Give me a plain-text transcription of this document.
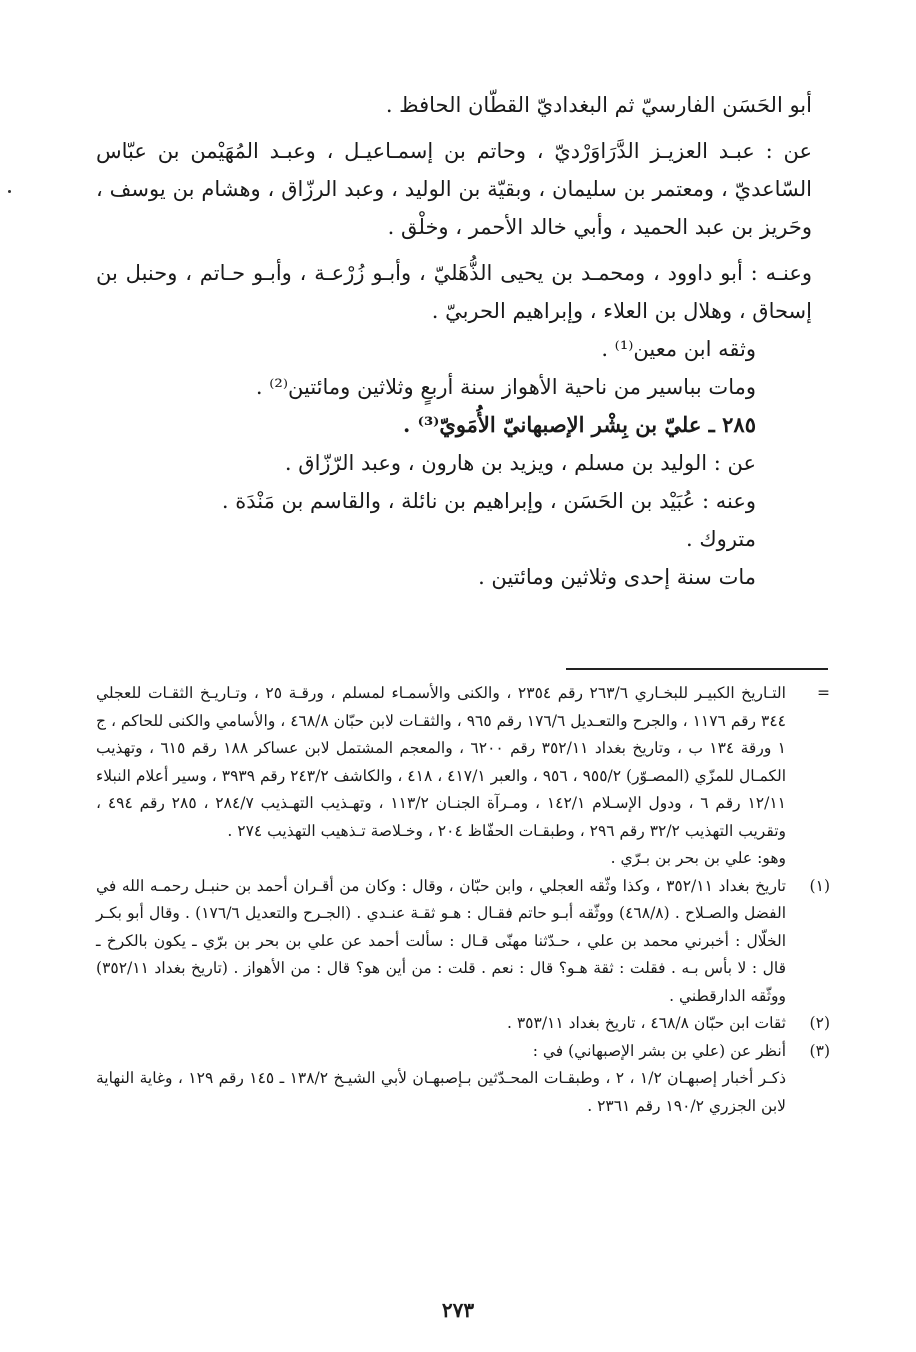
أبو الحَسَن الفارسيّ ثم البغداديّ القطّان الحافظ .

عن : عبـد العزيـز الدَّرَاوَرْديّ ، وحاتم بن إسمـاعيـل ، وعبـد المُهَيْمن بن عبّاس السّاعديّ ، ومعتمر بن سليمان ، وبقيّة بن الوليد ، وعبد الرزّاق ، وهشام بن يوسف ، وحَريز بن عبد الحميد ، وأبي خالد الأحمر ، وخلْق .

وعنـه : أبو داوود ، ومحمـد بن يحيى الذُّهَليّ ، وأبـو زُرْعـة ، وأبـو حـاتم ، وحنبل بن إسحاق ، وهلال بن العلاء ، وإبراهيم الحربيّ .

وثقه ابن معين⁽¹⁾ .

ومات بباسير من ناحية الأهواز سنة أربعٍ وثلاثين ومائتين⁽²⁾ .

٢٨٥ ـ عليّ بن بِشْر الإصبهانيّ الأُمَويّ⁽³⁾ .

عن : الوليد بن مسلم ، ويزيد بن هارون ، وعبد الرّزّاق .

وعنه : عُبَيْد بن الحَسَن ، وإبراهيم بن نائلة ، والقاسم بن مَنْدَة .

متروك .

مات سنة إحدى وثلاثين ومائتين .

=

التـاريخ الكبيـر للبخـاري ٢٦٣/٦ رقم ٢٣٥٤ ، والكنى والأسمـاء لمسلم ، ورقـة ٢٥ ، وتـاريـخ الثقـات للعجلي ٣٤٤ رقم ١١٧٦ ، والجرح والتعـديل ١٧٦/٦ رقم ٩٦٥ ، والثقـات لابن حبّان ٤٦٨/٨ ، والأسامي والكنى للحاكم ، ج ١ ورقة ١٣٤ ب ، وتاريخ بغداد ٣٥٢/١١ رقم ٦٢٠٠ ، والمعجم المشتمل لابن عساكر ١٨٨ رقم ٦١٥ ، وتهذيب الكمـال للمزّي (المصـوّر) ٩٥٥/٢ ، ٩٥٦ ، والعبر ٤١٧/١ ، ٤١٨ ، والكاشف ٢٤٣/٢ رقم ٣٩٣٩ ، وسير أعلام النبلاء ١٢/١١ رقم ٦ ، ودول الإسـلام ١٤٢/١ ، ومـرآة الجنـان ١١٣/٢ ، وتهـذيب التهـذيب ٢٨٤/٧ ، ٢٨٥ رقم ٤٩٤ ، وتقريب التهذيب ٣٢/٢ رقم ٢٩٦ ، وطبقـات الحفّاظ ٢٠٤ ، وخـلاصة تـذهيب التهذيب ٢٧٤ .

وهو: علي بن بحر بن بـرّي .

(١)

تاريخ بغداد ٣٥٢/١١ ، وكذا وثّقه العجلي ، وابن حبّان ، وقال : وكان من أقـران أحمد بن حنبـل رحمـه الله في الفضل والصـلاح . (٤٦٨/٨) ووثّقه أبـو حاتم فقـال : هـو ثقـة عنـدي . (الجـرح والتعديل ١٧٦/٦) . وقال أبو بكـر الخلّال : أخبرني محمد بن علي ، حـدّثنا مهنّى قـال : سألت أحمد عن علي بن بحر بن برّي ـ يكون بالكرخ ـ قال : لا بأس بـه . فقلت : ثقة هـو؟ قال : نعم . قلت : من أين هو؟ قال : من الأهواز . (تاريخ بغداد ٣٥٢/١١) ووثّقه الدارقطني .

(٢)

ثقات ابن حبّان ٤٦٨/٨ ، تاريخ بغداد ٣٥٣/١١ .

(٣)

أنظر عن (علي بن بشر الإصبهاني) في :

ذكـر أخبار إصبهـان ١/٢ ، ٢ ، وطبقـات المحـدّثين بـإصبهـان لأبي الشيـخ ١٣٨/٢ ـ ١٤٥ رقم ١٢٩ ، وغاية النهاية لابن الجزري ١٩٠/٢ رقم ٢٣٦١ .

٢٧٣
